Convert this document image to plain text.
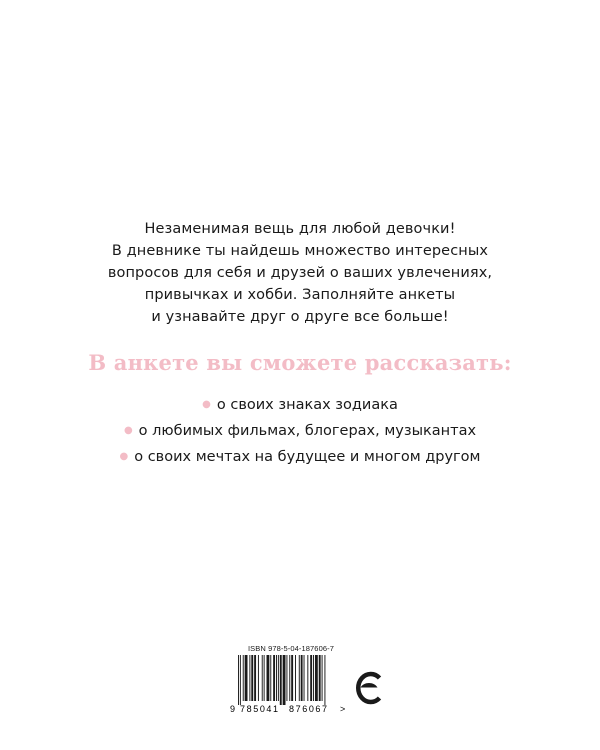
Незаменимая вещь для любой девочки!
В дневнике ты найдешь множество интересных
вопросов для себя и друзей о ваших увлечениях,
привычках и хобби. Заполняйте анкеты
и узнавайте друг о друге все больше!
В анкете вы сможете рассказать:
● о своих знаках зодиака
● о любимых фильмах, блогерах, музыкантах
● о своих мечтах на будущее и многом другом
ISBN 978-5-04-187606-7
9 785041 876067 >
